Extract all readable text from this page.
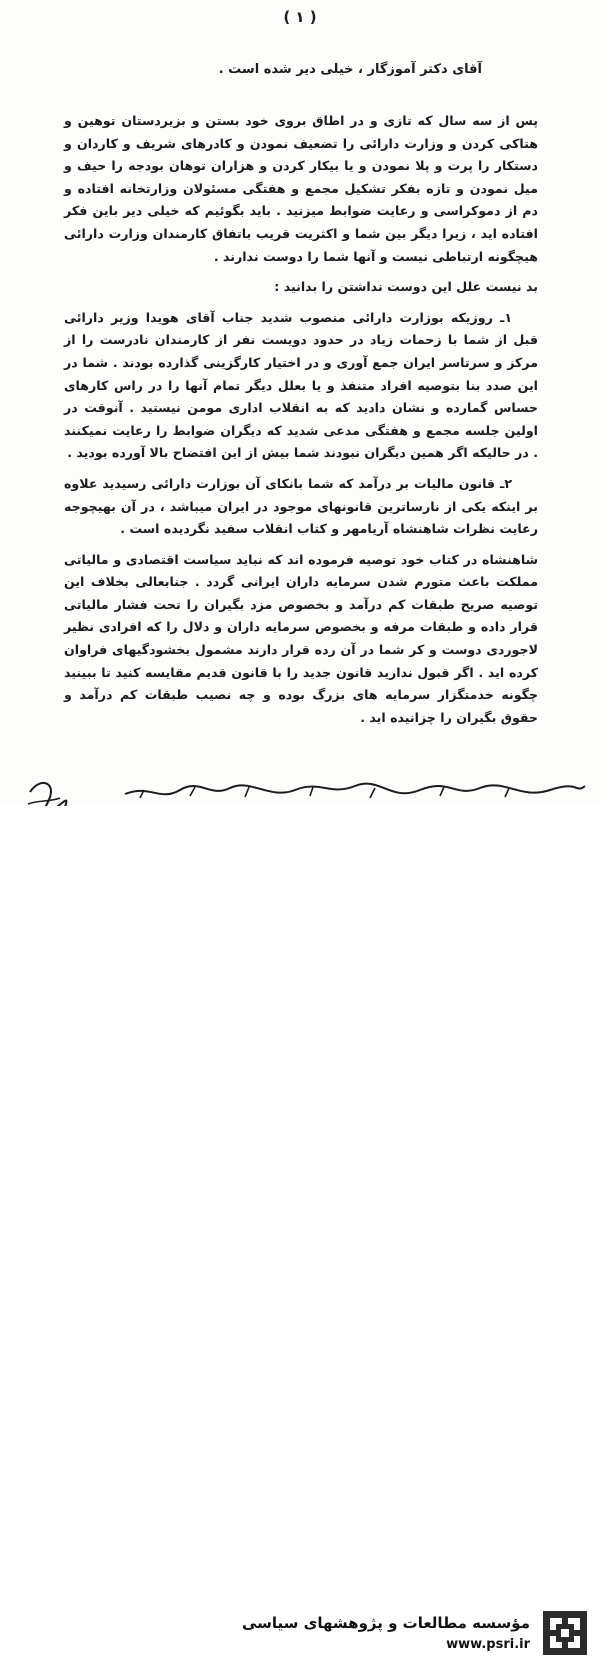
( ۱ )
آقای دکتر آموزگار ، خیلی دیر شده است .

پس از سه سال که تازی و در اطاق بروی خود بستن و بزیردستان توهین و هتاکی کردن و وزارت دارائی را تضعیف نمودن و کادرهای شریف و کاردان و دستکار را پرت و پلا نمودن و یا بیکار کردن و هزاران توهان بودجه را حیف و میل نمودن و تازه بفکر تشکیل مجمع و هفتگی مسئولان وزارتخانه افتاده و دم از دموکراسی و رعایت ضوابط میزنید . باید بگوئیم که خیلی دیر باین فکر افتاده اید ، زیرا دیگر بین شما و اکثریت قریب باتفاق کارمندان وزارت دارائی هیچگونه ارتباطی نیست و آنها شما را دوست ندارند .

بد نیست علل این دوست نداشتن را بدانید :

۱ـ روزیکه بوزارت دارائی منصوب شدید جناب آقای هویدا وزیر دارائی قبل از شما با زحمات زیاد در حدود دویست نفر از کارمندان نادرست را از مرکز و سرتاسر ایران جمع آوری و در اختیار کارگزینی گذارده بودند . شما در این صدد بنا بتوصیه افراد متنفذ و یا بعلل دیگر تمام آنها را در راس کارهای حساس گمارده و نشان دادید که به انقلاب اداری مومن نیستید . آنوقت در اولین جلسه مجمع و هفتگی مدعی شدید که دیگران ضوابط را رعایت نمیکنند . در حالیکه اگر همین دیگران نبودند شما بیش از این افتضاح بالا آورده بودید .

۲ـ قانون مالیات بر درآمد که شما بانکای آن بوزارت دارائی رسیدید علاوه بر اینکه یکی از نارساترین قانونهای موجود در ایران میباشد ، در آن بهیچوجه رعایت نظرات شاهنشاه آریامهر و کتاب انقلاب سفید نگردیده است .

شاهنشاه در کتاب خود توصیه فرموده اند که نباید سیاست اقتصادی و مالیاتی مملکت باعث متورم شدن سرمایه داران ایرانی گردد . جنابعالی بخلاف این توصیه صریح طبقات کم درآمد و بخصوص مزد بگیران را تحت فشار مالیاتی قرار داده و طبقات مرفه و بخصوص سرمایه داران و دلال را که افرادی نظیر لاجوردی دوست و کر شما در آن رده قرار دارند مشمول بخشودگیهای فراوان کرده اید . اگر قبول ندارید قانون جدید را با قانون قدیم مقایسه کنید تا ببینید چگونه خدمتگزار سرمایه های بزرگ بوده و چه نصیب طبقات کم درآمد و حقوق بگیران را چزانیده اید .

مؤسسه مطالعات و پژوهشهای سیاسی
www.psri.ir
